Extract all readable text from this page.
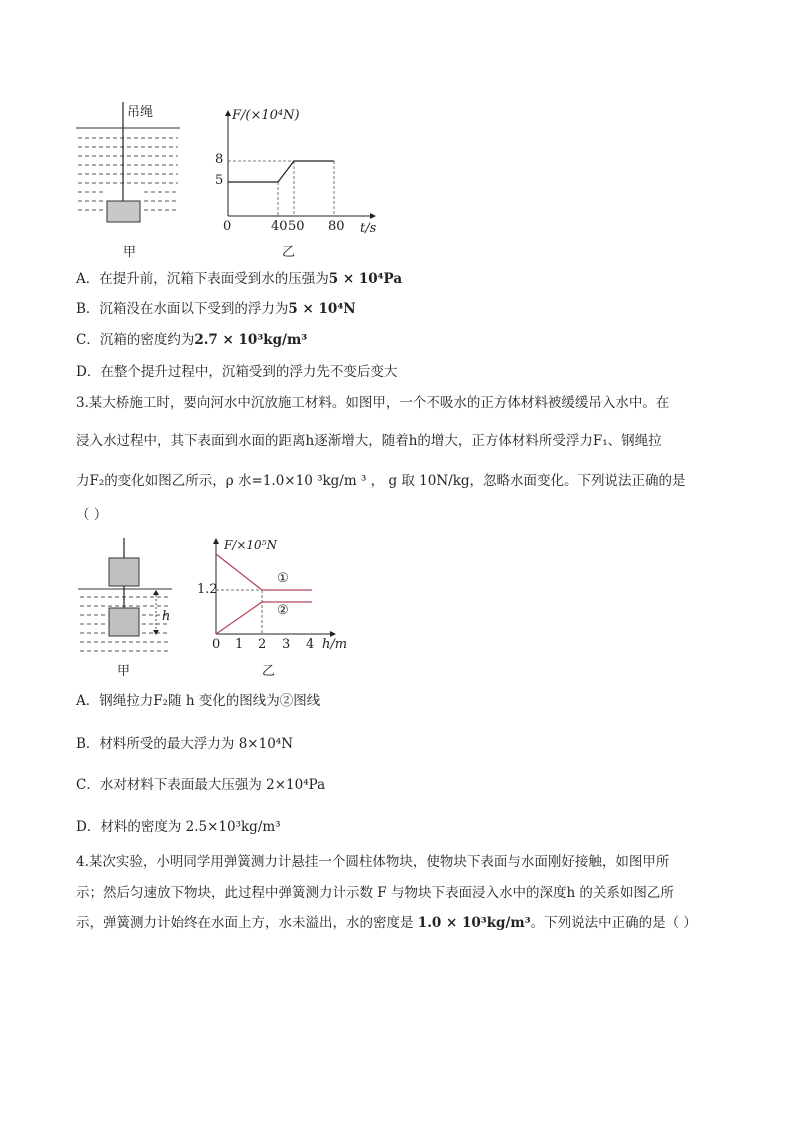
吊绳
甲
F/(×10⁴N)
8
5
0	40 50 80 t/s
乙
A．在提升前，沉箱下表面受到水的压强为5 × 10⁴Pa
B．沉箱没在水面以下受到的浮力为5 × 10⁴N
C．沉箱的密度约为2.7 × 10³kg/m³
D．在整个提升过程中，沉箱受到的浮力先不变后变大
3.某大桥施工时，要向河水中沉放施工材料。如图甲，一个不吸水的正方体材料被缓缓吊入水中。在
浸入水过程中，其下表面到水面的距离h逐渐增大，随着h的增大，正方体材料所受浮力F₁、钢绳拉
力F₂的变化如图乙所示，ρ 水=1.0×10 ³kg/m ³ ， g 取 10N/kg，忽略水面变化。下列说法正确的是
（ ）
h
甲
F/×10⁵N
1.2
①
②
0 1 2 3 4 h/m
乙
A．钢绳拉力F₂随 h 变化的图线为②图线
B．材料所受的最大浮力为 8×10⁴N
C．水对材料下表面最大压强为 2×10⁴Pa
D．材料的密度为 2.5×10³kg/m³
4.某次实验，小明同学用弹簧测力计悬挂一个圆柱体物块，使物块下表面与水面刚好接触，如图甲所
示；然后匀速放下物块，此过程中弹簧测力计示数 F 与物块下表面浸入水中的深度h 的关系如图乙所
示，弹簧测力计始终在水面上方，水未溢出，水的密度是 1.0 × 10³kg/m³。下列说法中正确的是（ ）
